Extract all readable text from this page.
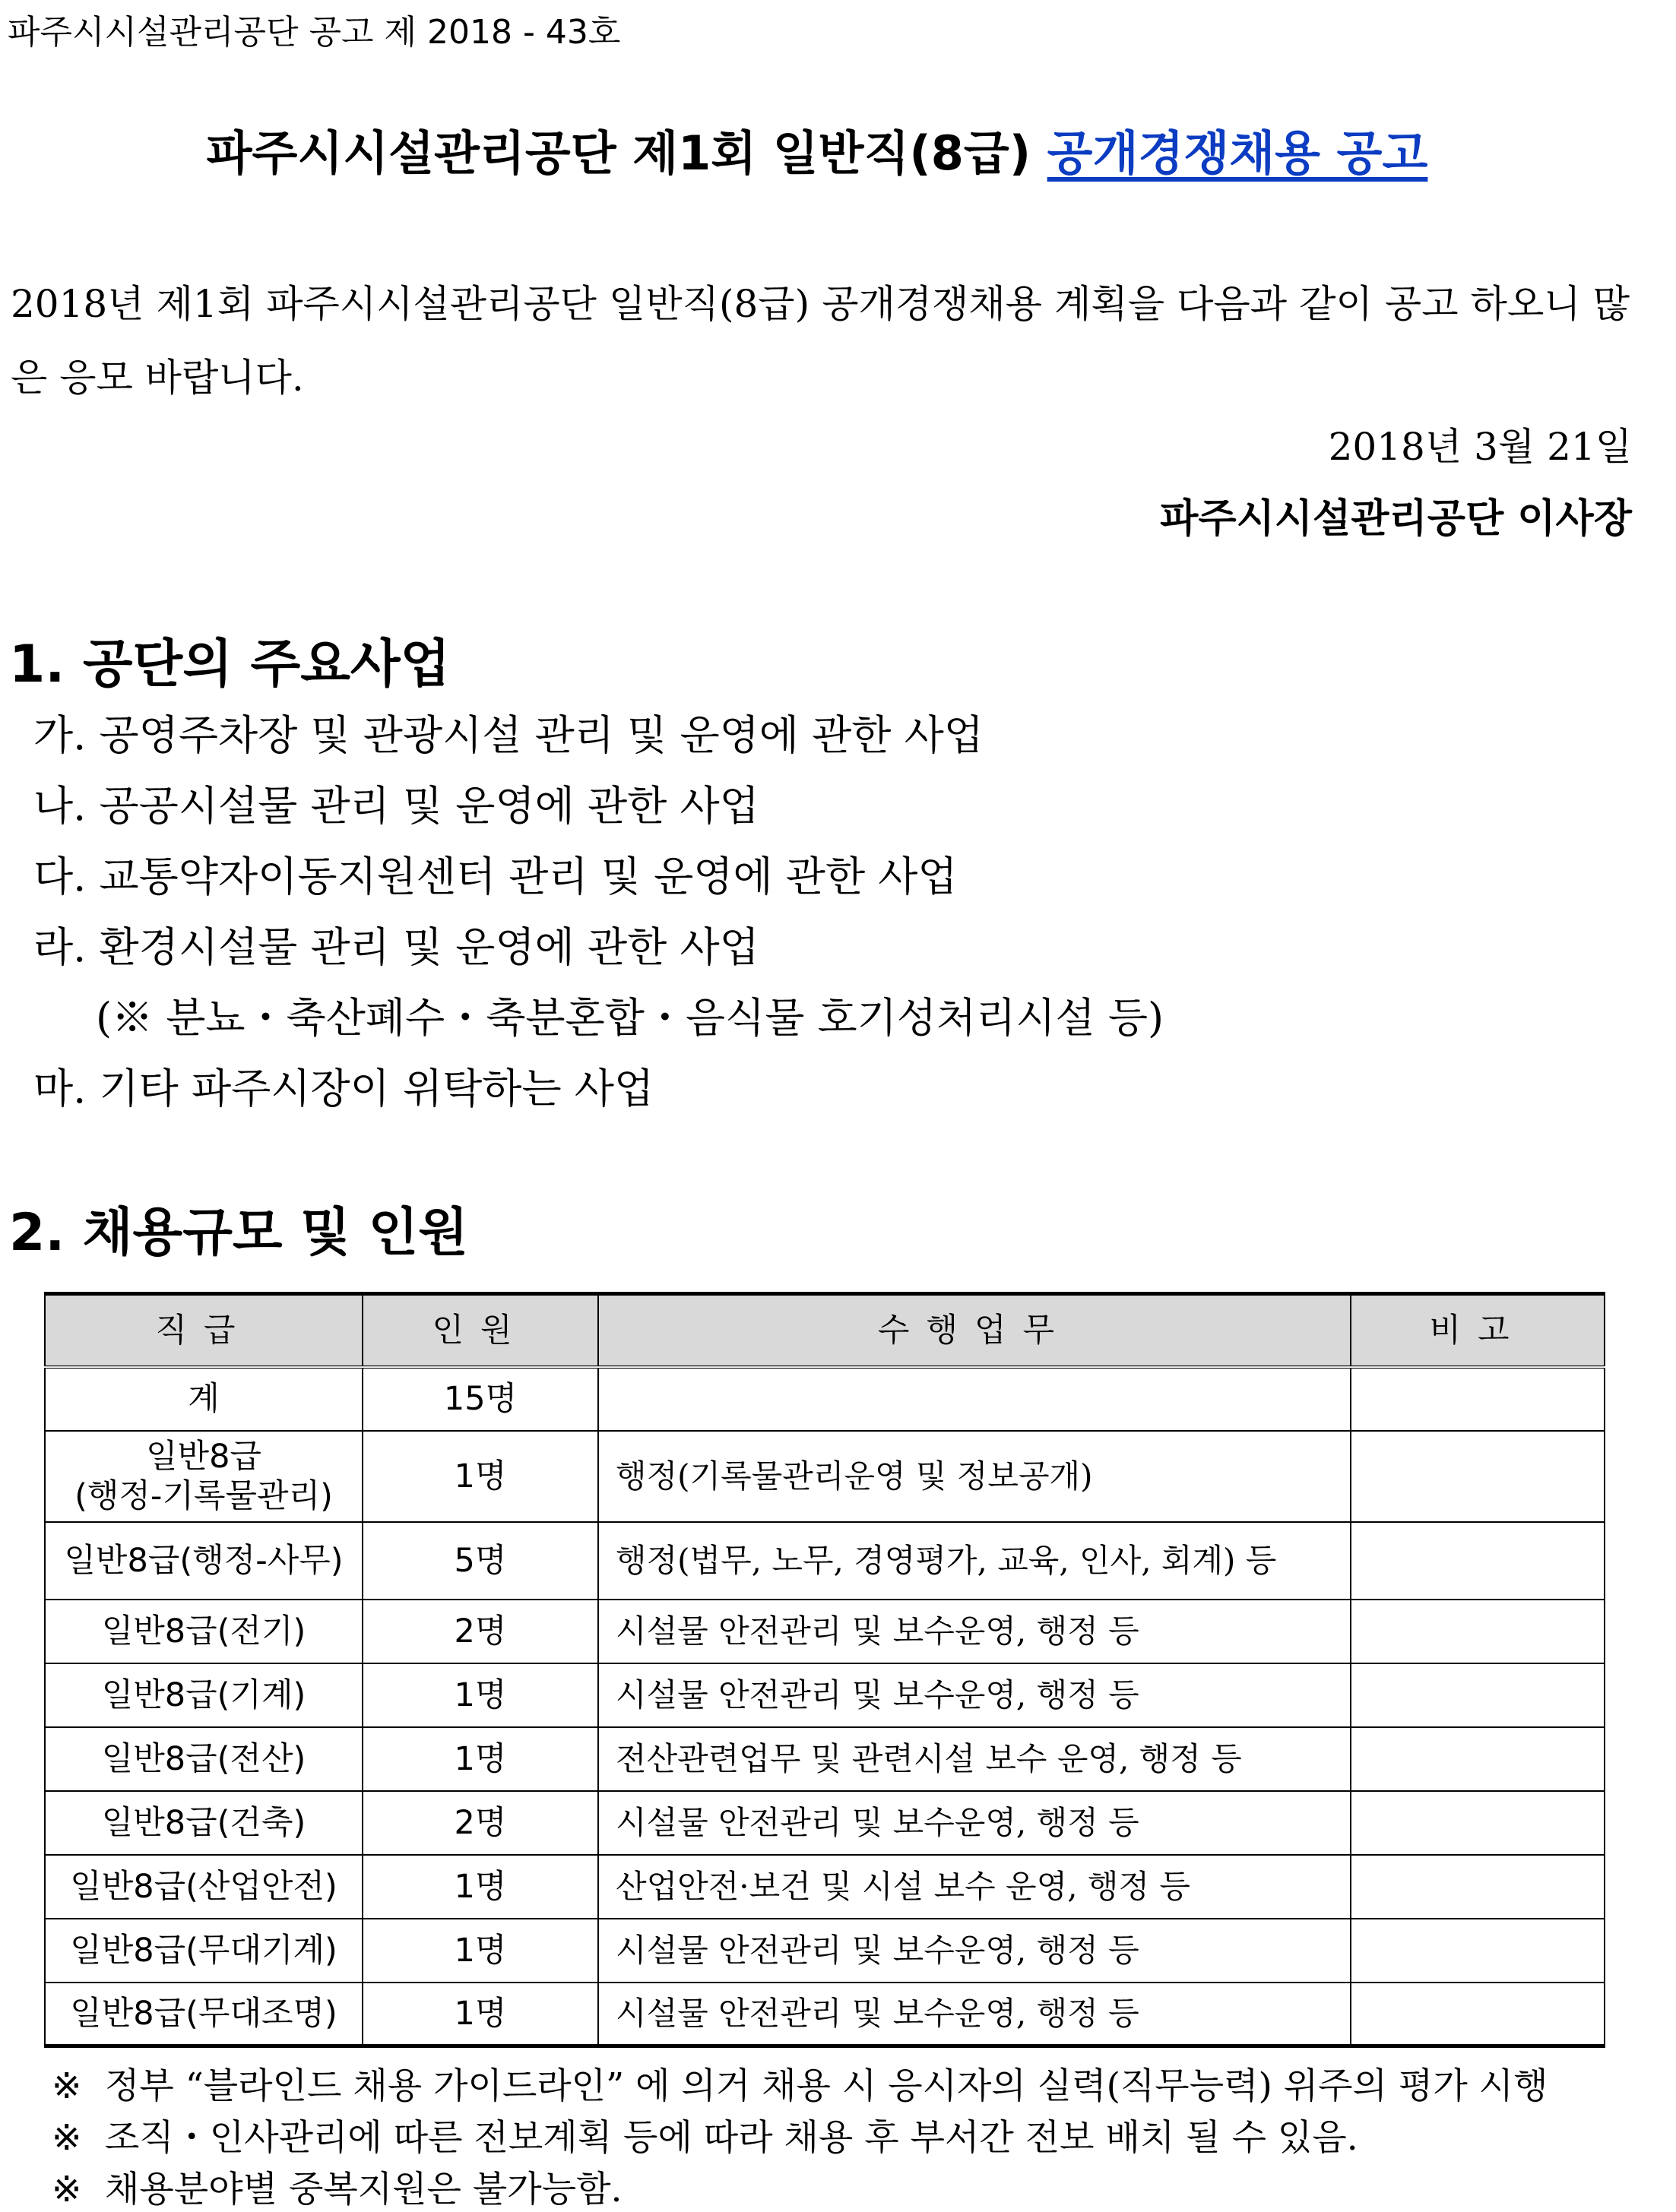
파주시시설관리공단 공고 제 2018 - 43호
파주시시설관리공단 제1회 일반직(8급) 공개경쟁채용 공고
2018년 제1회 파주시시설관리공단 일반직(8급) 공개경쟁채용 계획을 다음과 같이 공고 하오니 많은 응모 바랍니다.
2018년 3월 21일
파주시시설관리공단 이사장
1. 공단의 주요사업
가. 공영주차장 및 관광시설 관리 및 운영에 관한 사업
나. 공공시설물 관리 및 운영에 관한 사업
다. 교통약자이동지원센터 관리 및 운영에 관한 사업
라. 환경시설물 관리 및 운영에 관한 사업
(※ 분뇨・축산폐수・축분혼합・음식물 호기성처리시설 등)
마. 기타 파주시장이 위탁하는 사업
2. 채용규모 및 인원
직급	인원	수행업무	비고
계	15명		

일반8급
(행정-기록물관리)	1명	행정(기록물관리운영 및 정보공개)	
일반8급(행정-사무)	5명	행정(법무, 노무, 경영평가, 교육, 인사, 회계) 등	
일반8급(전기)	2명	시설물 안전관리 및 보수운영, 행정 등	
일반8급(기계)	1명	시설물 안전관리 및 보수운영, 행정 등	
일반8급(전산)	1명	전산관련업무 및 관련시설 보수 운영, 행정 등	
일반8급(건축)	2명	시설물 안전관리 및 보수운영, 행정 등	
일반8급(산업안전)	1명	산업안전·보건 및 시설 보수 운영, 행정 등	
일반8급(무대기계)	1명	시설물 안전관리 및 보수운영, 행정 등	
일반8급(무대조명)	1명	시설물 안전관리 및 보수운영, 행정 등	
※ 정부 “블라인드 채용 가이드라인” 에 의거 채용 시 응시자의 실력(직무능력) 위주의 평가 시행
※ 조직・인사관리에 따른 전보계획 등에 따라 채용 후 부서간 전보 배치 될 수 있음.
※ 채용분야별 중복지원은 불가능함.
